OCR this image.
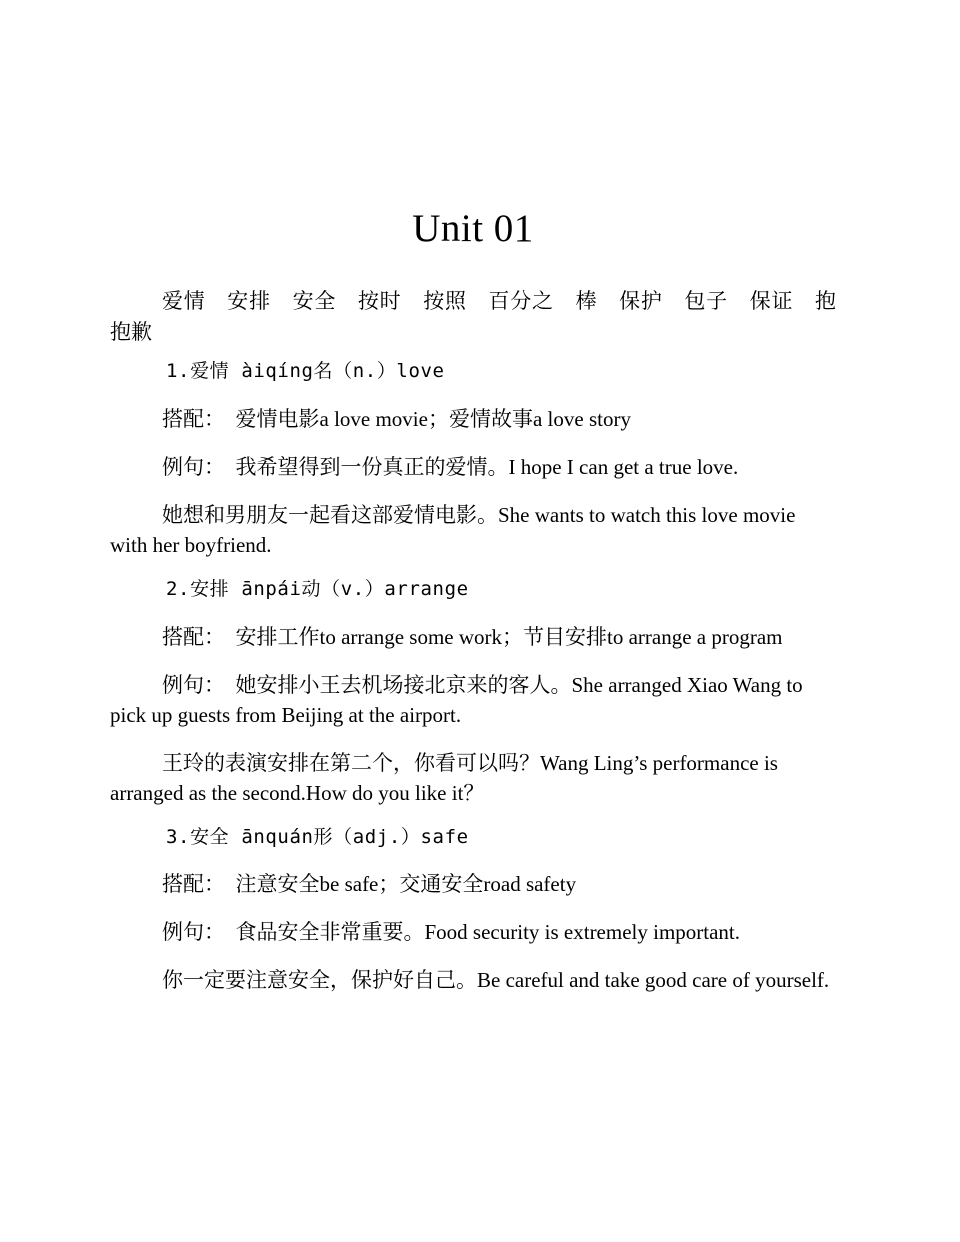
Unit 01
爱情　安排　安全　按时　按照　百分之　棒　保护　包子　保证　抱　抱歉

1.爱情 àiqíng名（n.）love

搭配：　爱情电影a love movie；爱情故事a love story

例句：　我希望得到一份真正的爱情。I hope I can get a true love.

她想和男朋友一起看这部爱情电影。She wants to watch this love movie with her boyfriend.

2.安排 ānpái动（v.）arrange

搭配：　安排工作to arrange some work；节目安排to arrange a program

例句：　她安排小王去机场接北京来的客人。She arranged Xiao Wang to pick up guests from Beijing at the airport.

王玲的表演安排在第二个，你看可以吗？Wang Ling’s performance is arranged as the second.How do you like it？

3.安全 ānquán形（adj.）safe

搭配：　注意安全be safe；交通安全road safety

例句：　食品安全非常重要。Food security is extremely important.

你一定要注意安全，保护好自己。Be careful and take good care of yourself.
